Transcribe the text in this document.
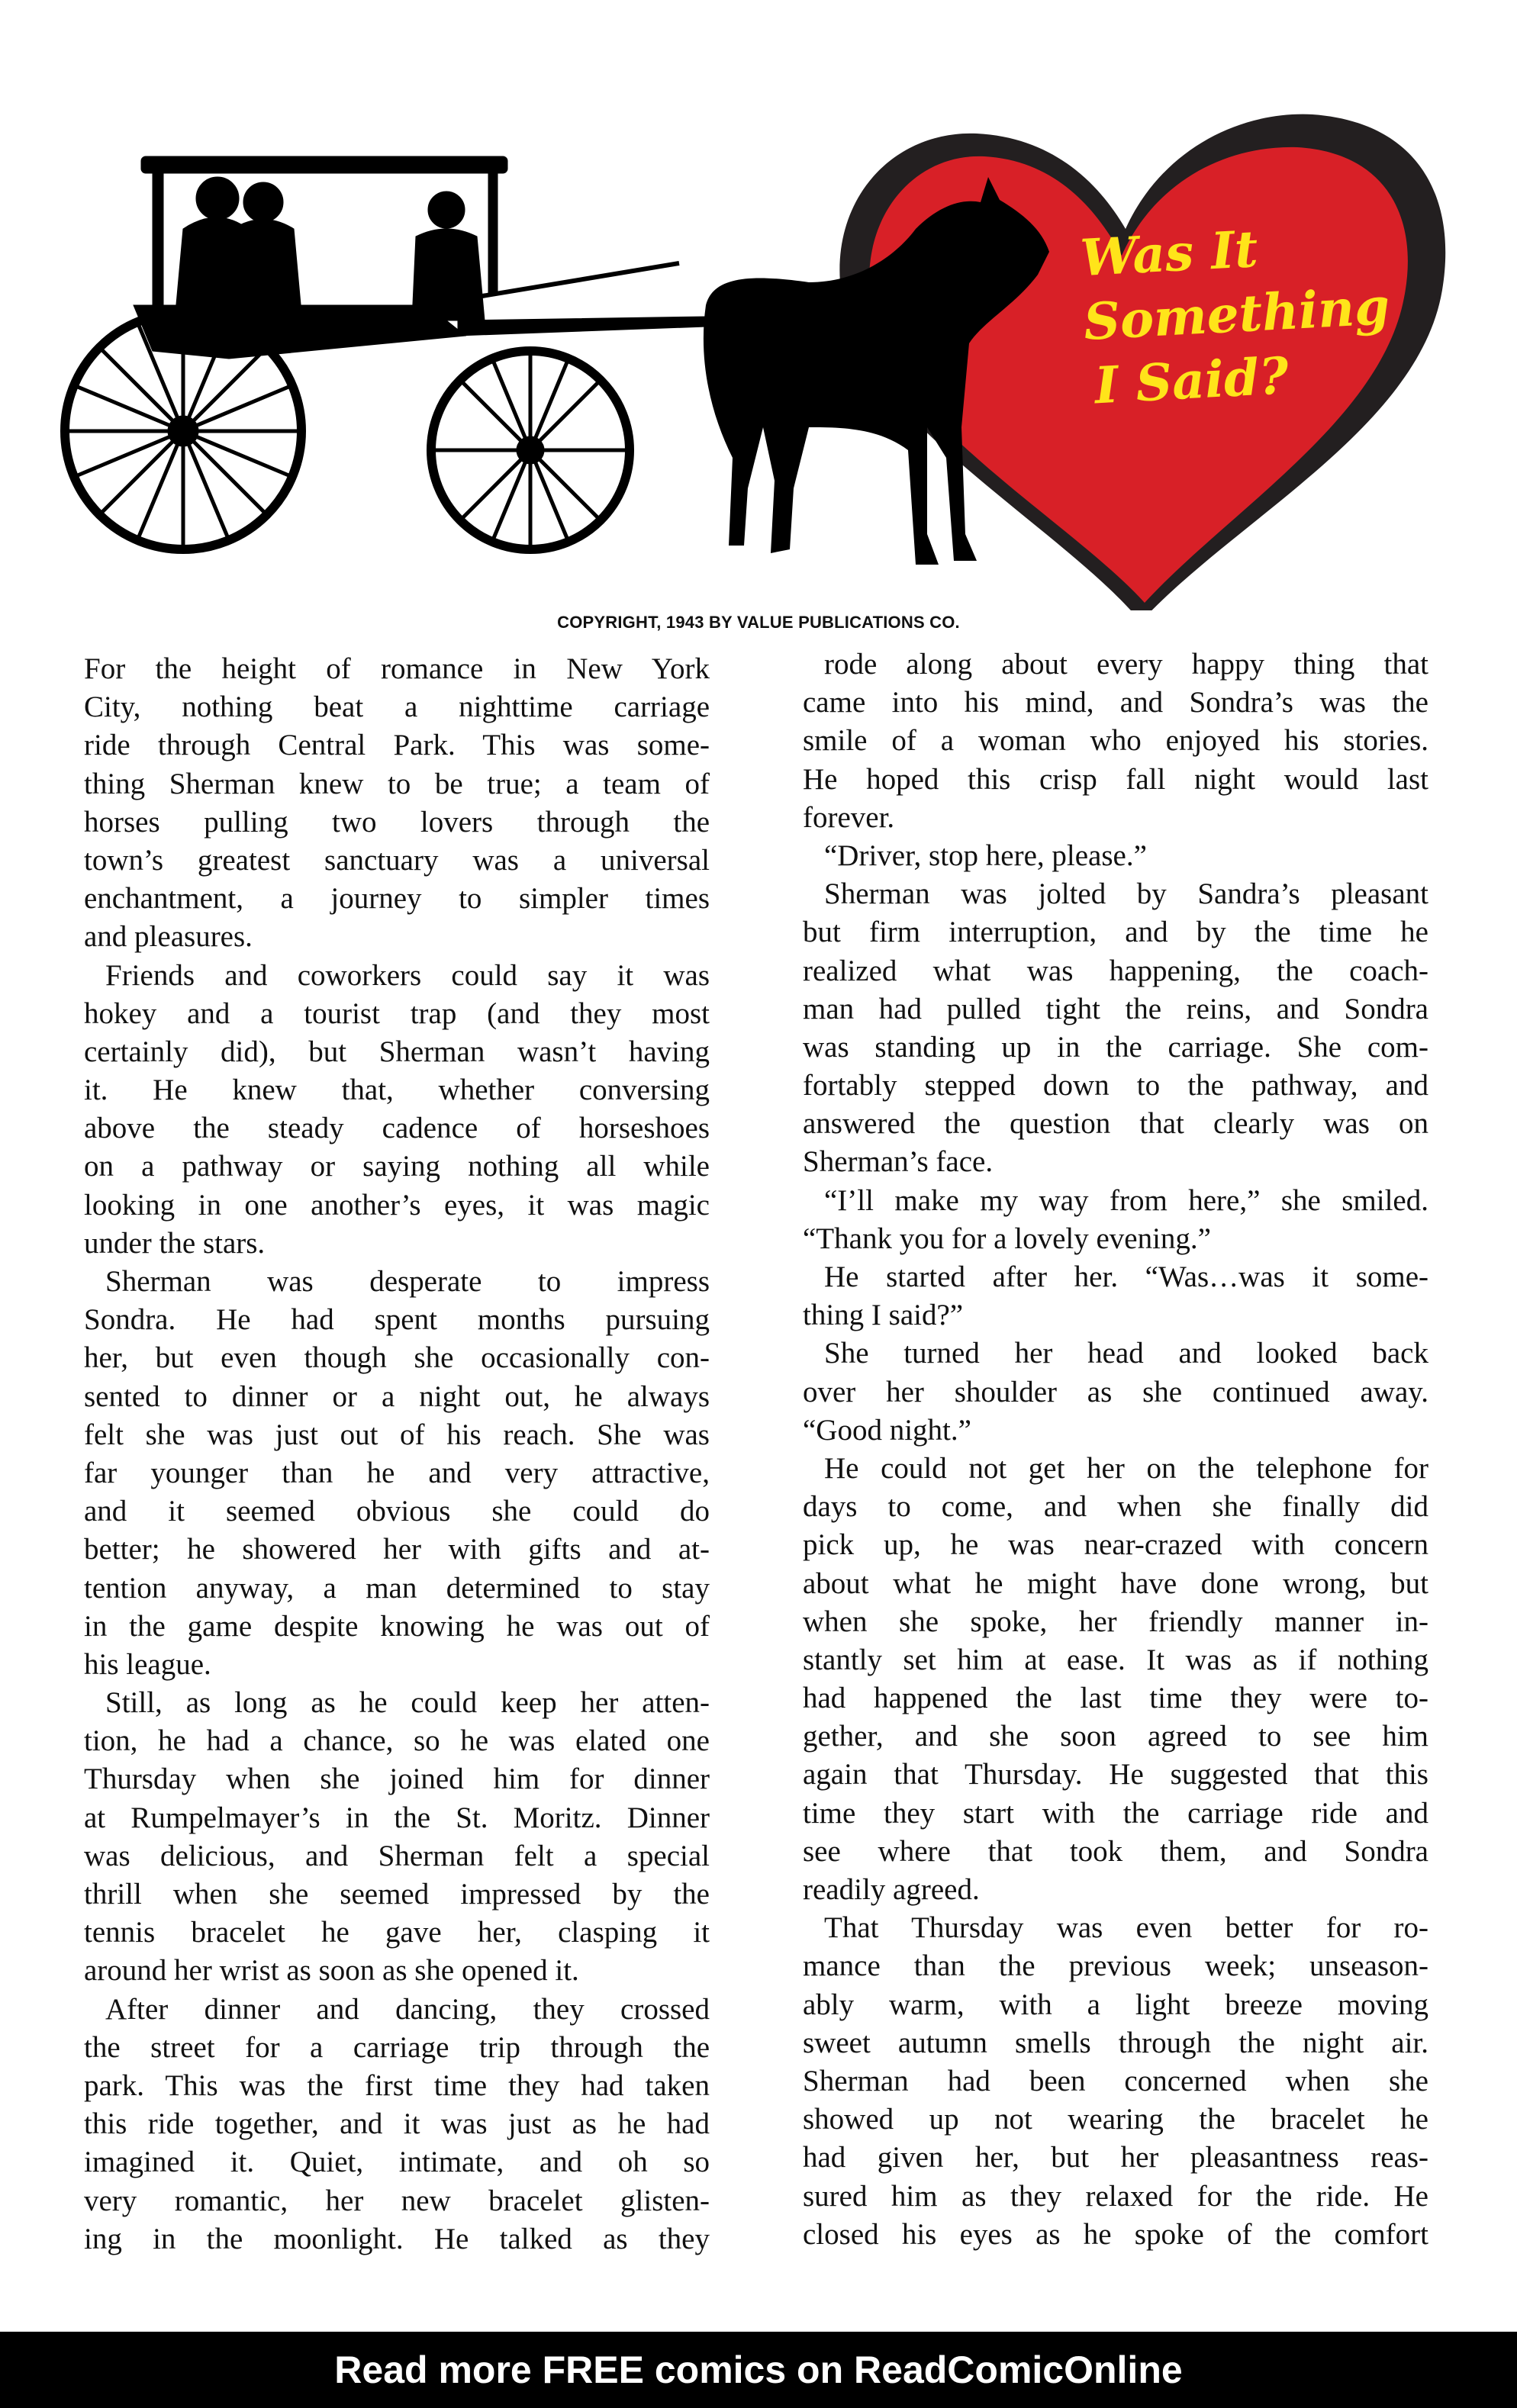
Was It
Something
I Said?
COPYRIGHT, 1943 BY VALUE PUBLICATIONS CO.
For the height of romance in New York
City, nothing beat a nighttime carriage
ride through Central Park. This was some-
thing Sherman knew to be true; a team of
horses pulling two lovers through the
town’s greatest sanctuary was a universal
enchantment, a journey to simpler times
and pleasures.
Friends and coworkers could say it was
hokey and a tourist trap (and they most
certainly did), but Sherman wasn’t having
it. He knew that, whether conversing
above the steady cadence of horseshoes
on a pathway or saying nothing all while
looking in one another’s eyes, it was magic
under the stars.
Sherman was desperate to impress
Sondra. He had spent months pursuing
her, but even though she occasionally con-
sented to dinner or a night out, he always
felt she was just out of his reach. She was
far younger than he and very attractive,
and it seemed obvious she could do
better; he showered her with gifts and at-
tention anyway, a man determined to stay
in the game despite knowing he was out of
his league.
Still, as long as he could keep her atten-
tion, he had a chance, so he was elated one
Thursday when she joined him for dinner
at Rumpelmayer’s in the St. Moritz. Dinner
was delicious, and Sherman felt a special
thrill when she seemed impressed by the
tennis bracelet he gave her, clasping it
around her wrist as soon as she opened it.
After dinner and dancing, they crossed
the street for a carriage trip through the
park. This was the first time they had taken
this ride together, and it was just as he had
imagined it. Quiet, intimate, and oh so
very romantic, her new bracelet glisten-
ing in the moonlight. He talked as they
rode along about every happy thing that
came into his mind, and Sondra’s was the
smile of a woman who enjoyed his stories.
He hoped this crisp fall night would last
forever.
“Driver, stop here, please.”
Sherman was jolted by Sandra’s pleasant
but firm interruption, and by the time he
realized what was happening, the coach-
man had pulled tight the reins, and Sondra
was standing up in the carriage. She com-
fortably stepped down to the pathway, and
answered the question that clearly was on
Sherman’s face.
“I’ll make my way from here,” she smiled.
“Thank you for a lovely evening.”
He started after her. “Was…was it some-
thing I said?”
She turned her head and looked back
over her shoulder as she continued away.
“Good night.”
He could not get her on the telephone for
days to come, and when she finally did
pick up, he was near-crazed with concern
about what he might have done wrong, but
when she spoke, her friendly manner in-
stantly set him at ease. It was as if nothing
had happened the last time they were to-
gether, and she soon agreed to see him
again that Thursday. He suggested that this
time they start with the carriage ride and
see where that took them, and Sondra
readily agreed.
That Thursday was even better for ro-
mance than the previous week; unseason-
ably warm, with a light breeze moving
sweet autumn smells through the night air.
Sherman had been concerned when she
showed up not wearing the bracelet he
had given her, but her pleasantness reas-
sured him as they relaxed for the ride. He
closed his eyes as he spoke of the comfort
Read more FREE comics on ReadComicOnline
